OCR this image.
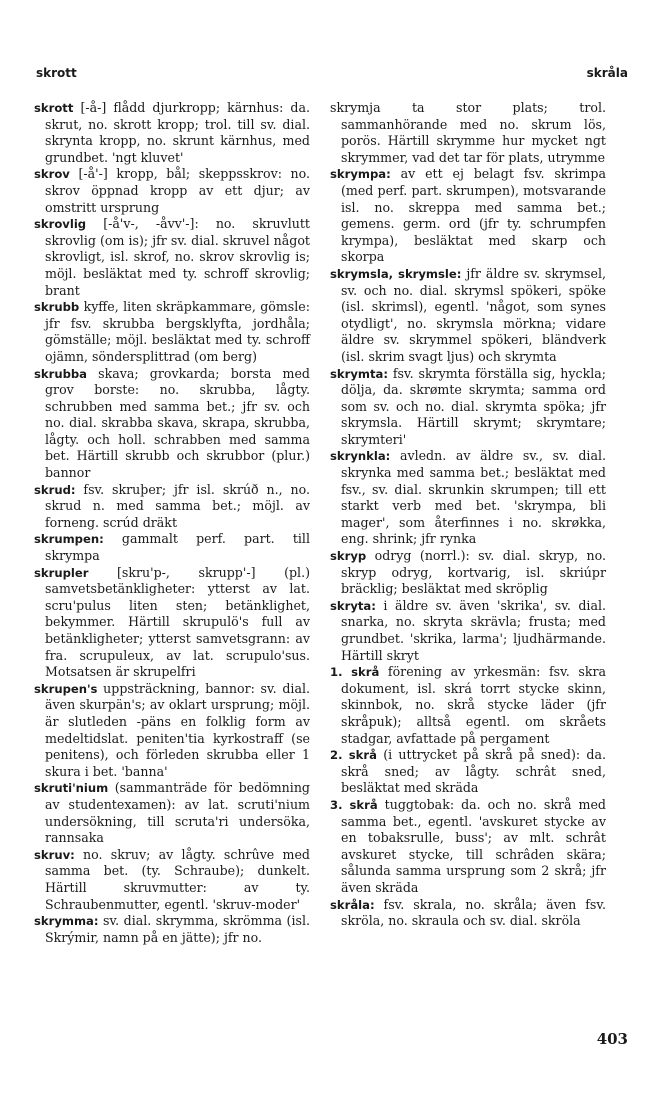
skrott	skråla

skrott [-å-] flådd djurkropp; kärnhus: da. skrut, no. skrott kropp; trol. till sv. dial. skrynta kropp, no. skrunt kärnhus, med grundbet. 'ngt kluvet'

skrov [-å'-] kropp, bål; skeppsskrov: no. skrov öppnad kropp av ett djur; av omstritt ursprung

skrovlig [-å'v-, -åvv'-]: no. skruvlutt skrovlig (om is); jfr sv. dial. skruvel något skrovligt, isl. skrof, no. skrov skrovlig is; möjl. besläktat med ty. schroff skrovlig; brant

skrubb kyffe, liten skräpkammare, gömsle: jfr fsv. skrubba bergsklyfta, jordhåla; gömställe; möjl. besläktat med ty. schroff ojämn, söndersplittrad (om berg)

skrubba skava; grovkarda; borsta med grov borste: no. skrubba, lågty. schrubben med samma bet.; jfr sv. och no. dial. skrabba skava, skrapa, skrubba, lågty. och holl. schrabben med samma bet. Härtill skrubb och skrubbor (plur.) bannor

skrud: fsv. skruþer; jfr isl. skrúð n., no. skrud n. med samma bet.; möjl. av forneng. scrúd dräkt

skrumpen: gammalt perf. part. till skrympa

skrupler [skru'p-, skrupp'-] (pl.) samvetsbetänkligheter: ytterst av lat. scru'pulus liten sten; betänklighet, bekymmer. Härtill skrupulö's full av betänkligheter; ytterst samvetsgrann: av fra. scrupuleux, av lat. scrupulo'sus. Motsatsen är skrupelfri

skrupen's uppsträckning, bannor: sv. dial. även skurpän's; av oklart ursprung; möjl. är slutleden -päns en folklig form av medeltidslat. peniten'tia kyrkostraff (se penitens), och förleden skrubba eller 1 skura i bet. 'banna'

skruti'nium (sammanträde för bedömning av studentexamen): av lat. scruti'nium undersökning, till scruta'ri undersöka, rannsaka

skruv: no. skruv; av lågty. schrûve med samma bet. (ty. Schraube); dunkelt. Härtill skruvmutter: av ty. Schraubenmutter, egentl. 'skruv-moder'

skrymma: sv. dial. skrymma, skrömma (isl. Skrýmir, namn på en jätte); jfr no.

skrymja ta stor plats; trol. sammanhörande med no. skrum lös, porös. Härtill skrymme hur mycket ngt skrymmer, vad det tar för plats, utrymme

skrympa: av ett ej belagt fsv. skrimpa (med perf. part. skrumpen), motsvarande isl. no. skreppa med samma bet.; gemens. germ. ord (jfr ty. schrumpfen krympa), besläktat med skarp och skorpa

skrymsla, skrymsle: jfr äldre sv. skrymsel, sv. och no. dial. skrymsl spökeri, spöke (isl. skrimsl), egentl. 'något, som synes otydligt', no. skrymsla mörkna; vidare äldre sv. skrymmel spökeri, bländverk (isl. skrim svagt ljus) och skrymta

skrymta: fsv. skrymta förställa sig, hyckla; dölja, da. skrømte skrymta; samma ord som sv. och no. dial. skrymta spöka; jfr skrymsla. Härtill skrymt; skrymtare; skrymteri'

skrynkla: avledn. av äldre sv., sv. dial. skrynka med samma bet.; besläktat med fsv., sv. dial. skrunkin skrumpen; till ett starkt verb med bet. 'skrympa, bli mager', som återfinnes i no. skrøkka, eng. shrink; jfr rynka

skryp odryg (norrl.): sv. dial. skryp, no. skryp odryg, kortvarig, isl. skriúpr bräcklig; besläktat med skröplig

skryta: i äldre sv. även 'skrika', sv. dial. snarka, no. skryta skrävla; frusta; med grundbet. 'skrika, larma'; ljudhärmande. Härtill skryt

1. skrå förening av yrkesmän: fsv. skra dokument, isl. skrá torrt stycke skinn, skinnbok, no. skrå stycke läder (jfr skråpuk); alltså egentl. om skråets stadgar, avfattade på pergament

2. skrå (i uttrycket på skrå på sned): da. skrå sned; av lågty. schrât sned, besläktat med skräda

3. skrå tuggtobak: da. och no. skrå med samma bet., egentl. 'avskuret stycke av en tobaksrulle, buss'; av mlt. schrât avskuret stycke, till schrâden skära; sålunda samma ursprung som 2 skrå; jfr även skräda

skråla: fsv. skrala, no. skråla; även fsv. skröla, no. skraula och sv. dial. skröla

403
